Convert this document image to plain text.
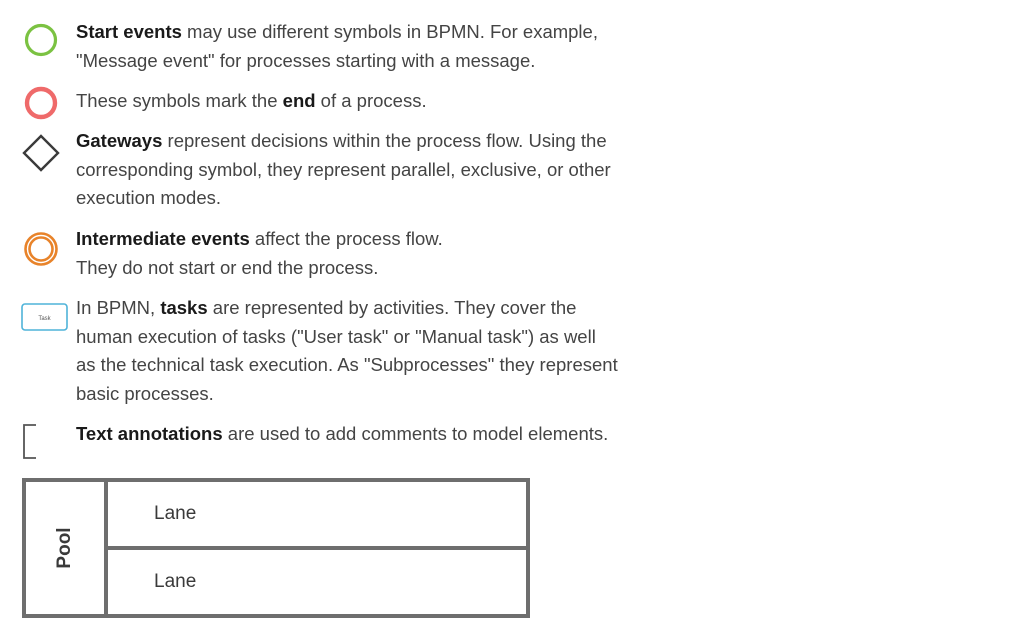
Start events may use different symbols in BPMN. For example,
"Message event" for processes starting with a message.
These symbols mark the end of a process.
Gateways represent decisions within the process flow. Using the
corresponding symbol, they represent parallel, exclusive, or other
execution modes.
Intermediate events affect the process flow.
They do not start or end the process.
Task
In BPMN, tasks are represented by activities. They cover the
human execution of tasks ("User task" or "Manual task") as well
as the technical task execution. As "Subprocesses" they represent
basic processes.
Text annotations are used to add comments to model elements.
Pool
Lane
Lane
